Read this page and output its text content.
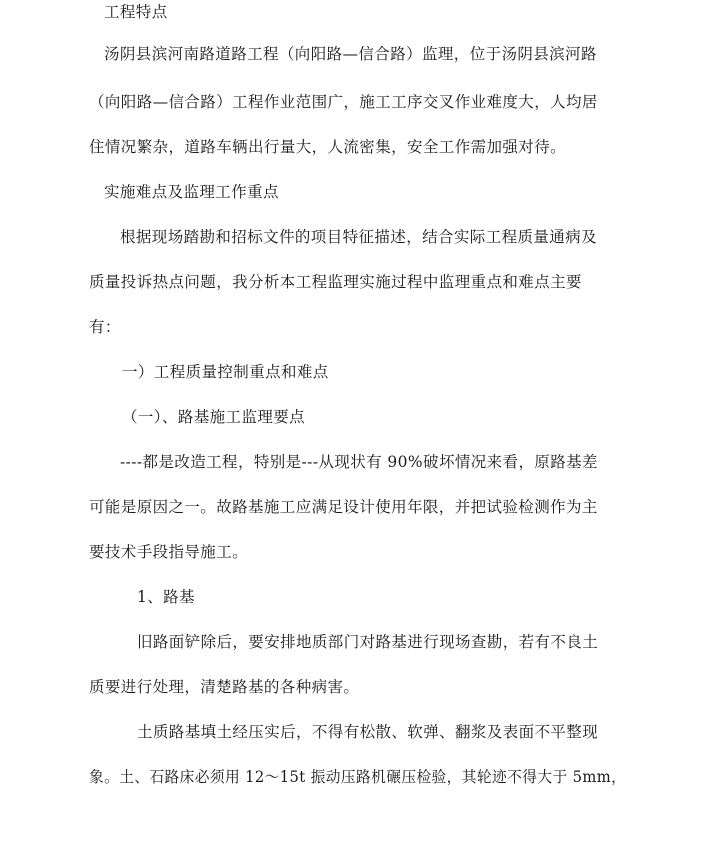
工程特点
汤阴县滨河南路道路工程（向阳路—信合路）监理，位于汤阴县滨河路
（向阳路—信合路）工程作业范围广，施工工序交叉作业难度大，人均居
住情况繁杂，道路车辆出行量大，人流密集，安全工作需加强对待。
实施难点及监理工作重点
根据现场踏勘和招标文件的项目特征描述，结合实际工程质量通病及
质量投诉热点问题，我分析本工程监理实施过程中监理重点和难点主要
有：
一）工程质量控制重点和难点
（一）、路基施工监理要点
----都是改造工程，特别是---从现状有 90%破坏情况来看，原路基差
可能是原因之一。故路基施工应满足设计使用年限，并把试验检测作为主
要技术手段指导施工。
1、路基
旧路面铲除后，要安排地质部门对路基进行现场查勘，若有不良土
质要进行处理，清楚路基的各种病害。
土质路基填土经压实后，不得有松散、软弹、翻浆及表面不平整现
象。土、石路床必须用 12～15t 振动压路机碾压检验，其轮迹不得大于 5mm，
